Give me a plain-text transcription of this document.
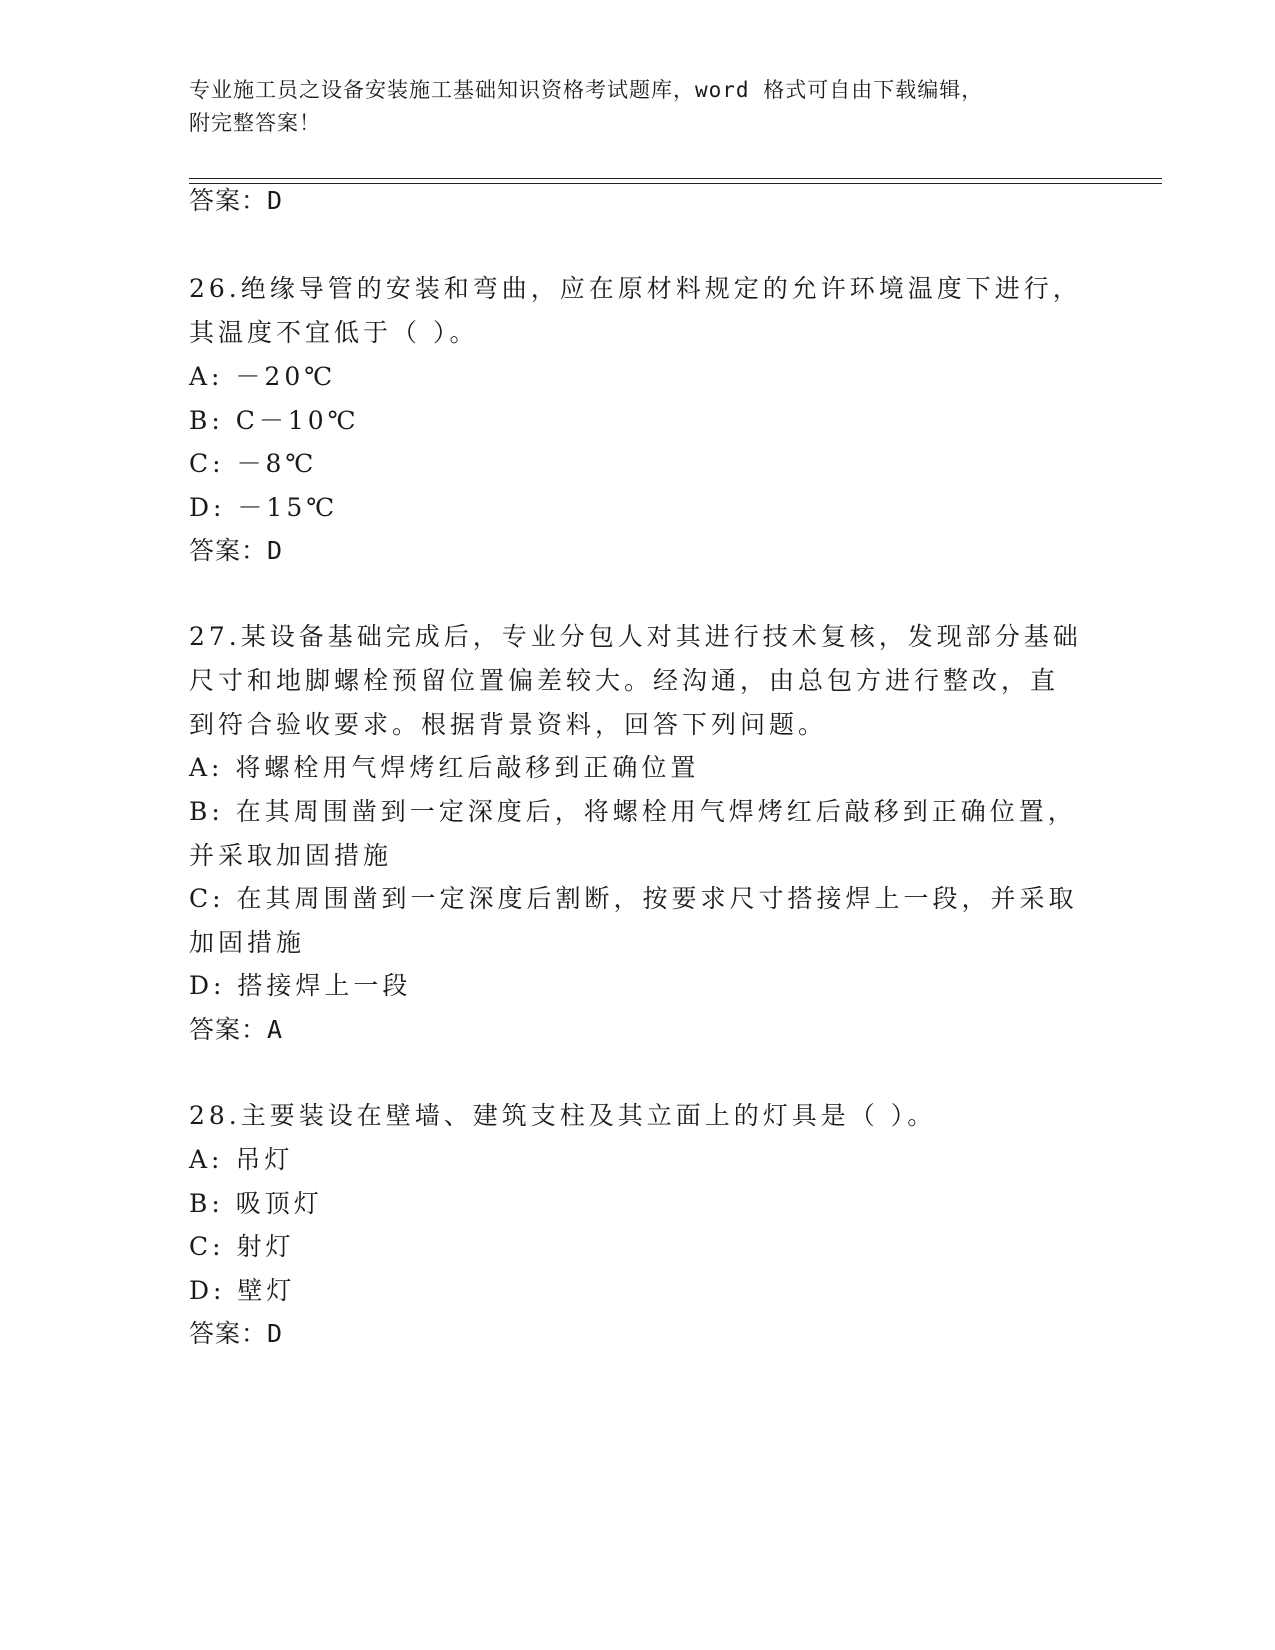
专业施工员之设备安装施工基础知识资格考试题库，word 格式可自由下载编辑，
附完整答案！
答案：D
26.绝缘导管的安装和弯曲，应在原材料规定的允许环境温度下进行，
其温度不宜低于（ ）。
A: －20℃
B: C－10℃
C: －8℃
D: －15℃
答案：D
27.某设备基础完成后，专业分包人对其进行技术复核，发现部分基础
尺寸和地脚螺栓预留位置偏差较大。经沟通，由总包方进行整改，直
到符合验收要求。根据背景资料，回答下列问题。
A: 将螺栓用气焊烤红后敲移到正确位置
B: 在其周围凿到一定深度后，将螺栓用气焊烤红后敲移到正确位置，
并采取加固措施
C: 在其周围凿到一定深度后割断，按要求尺寸搭接焊上一段，并采取
加固措施
D: 搭接焊上一段
答案：A
28.主要装设在壁墙、建筑支柱及其立面上的灯具是（ ）。
A: 吊灯
B: 吸顶灯
C: 射灯
D: 壁灯
答案：D
